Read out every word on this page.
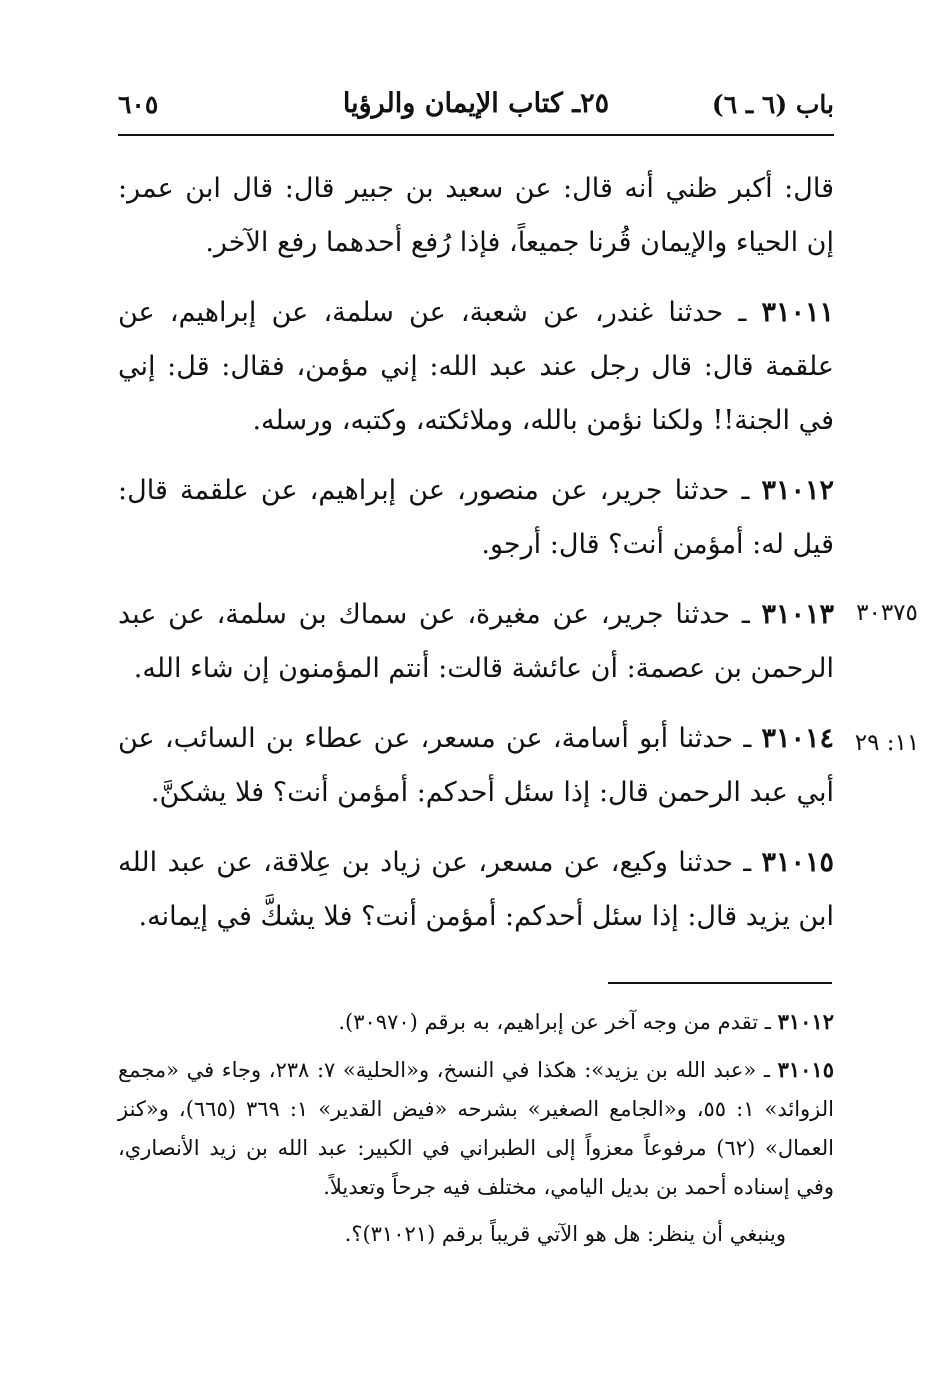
باب (٦ ـ ٦)
٢٥ـ كتاب الإيمان والرؤيا
٦٠٥

قال: أكبر ظني أنه قال: عن سعيد بن جبير قال: قال ابن عمر: إن الحياء والإيمان قُرنا جميعاً، فإذا رُفع أحدهما رفع الآخر.

٣١٠١١ ـ حدثنا غندر، عن شعبة، عن سلمة، عن إبراهيم، عن علقمة قال: قال رجل عند عبد الله: إني مؤمن، فقال: قل: إني في الجنة!! ولكنا نؤمن بالله، وملائكته، وكتبه، ورسله.

٣١٠١٢ ـ حدثنا جرير، عن منصور، عن إبراهيم، عن علقمة قال: قيل له: أمؤمن أنت؟ قال: أرجو.

٣١٠١٣ ـ حدثنا جرير، عن مغيرة، عن سماك بن سلمة، عن عبد الرحمن بن عصمة: أن عائشة قالت: أنتم المؤمنون إن شاء الله.

٣١٠١٤ ـ حدثنا أبو أسامة، عن مسعر، عن عطاء بن السائب، عن أبي عبد الرحمن قال: إذا سئل أحدكم: أمؤمن أنت؟ فلا يشكنَّ.

٣١٠١٥ ـ حدثنا وكيع، عن مسعر، عن زياد بن عِلاقة، عن عبد الله ابن يزيد قال: إذا سئل أحدكم: أمؤمن أنت؟ فلا يشكَّ في إيمانه.

٣٠٣٧٥
١١: ٢٩

٣١٠١٢ ـ تقدم من وجه آخر عن إبراهيم، به برقم (٣٠٩٧٠).

٣١٠١٥ ـ «عبد الله بن يزيد»: هكذا في النسخ، و«الحلية» ٧: ٢٣٨، وجاء في «مجمع الزوائد» ١: ٥٥، و«الجامع الصغير» بشرحه «فيض القدير» ١: ٣٦٩ (٦٦٥)، و«كنز العمال» (٦٢) مرفوعاً معزواً إلى الطبراني في الكبير: عبد الله بن زيد الأنصاري، وفي إسناده أحمد بن بديل اليامي، مختلف فيه جرحاً وتعديلاً.

وينبغي أن ينظر: هل هو الآتي قريباً برقم (٣١٠٢١)؟.
